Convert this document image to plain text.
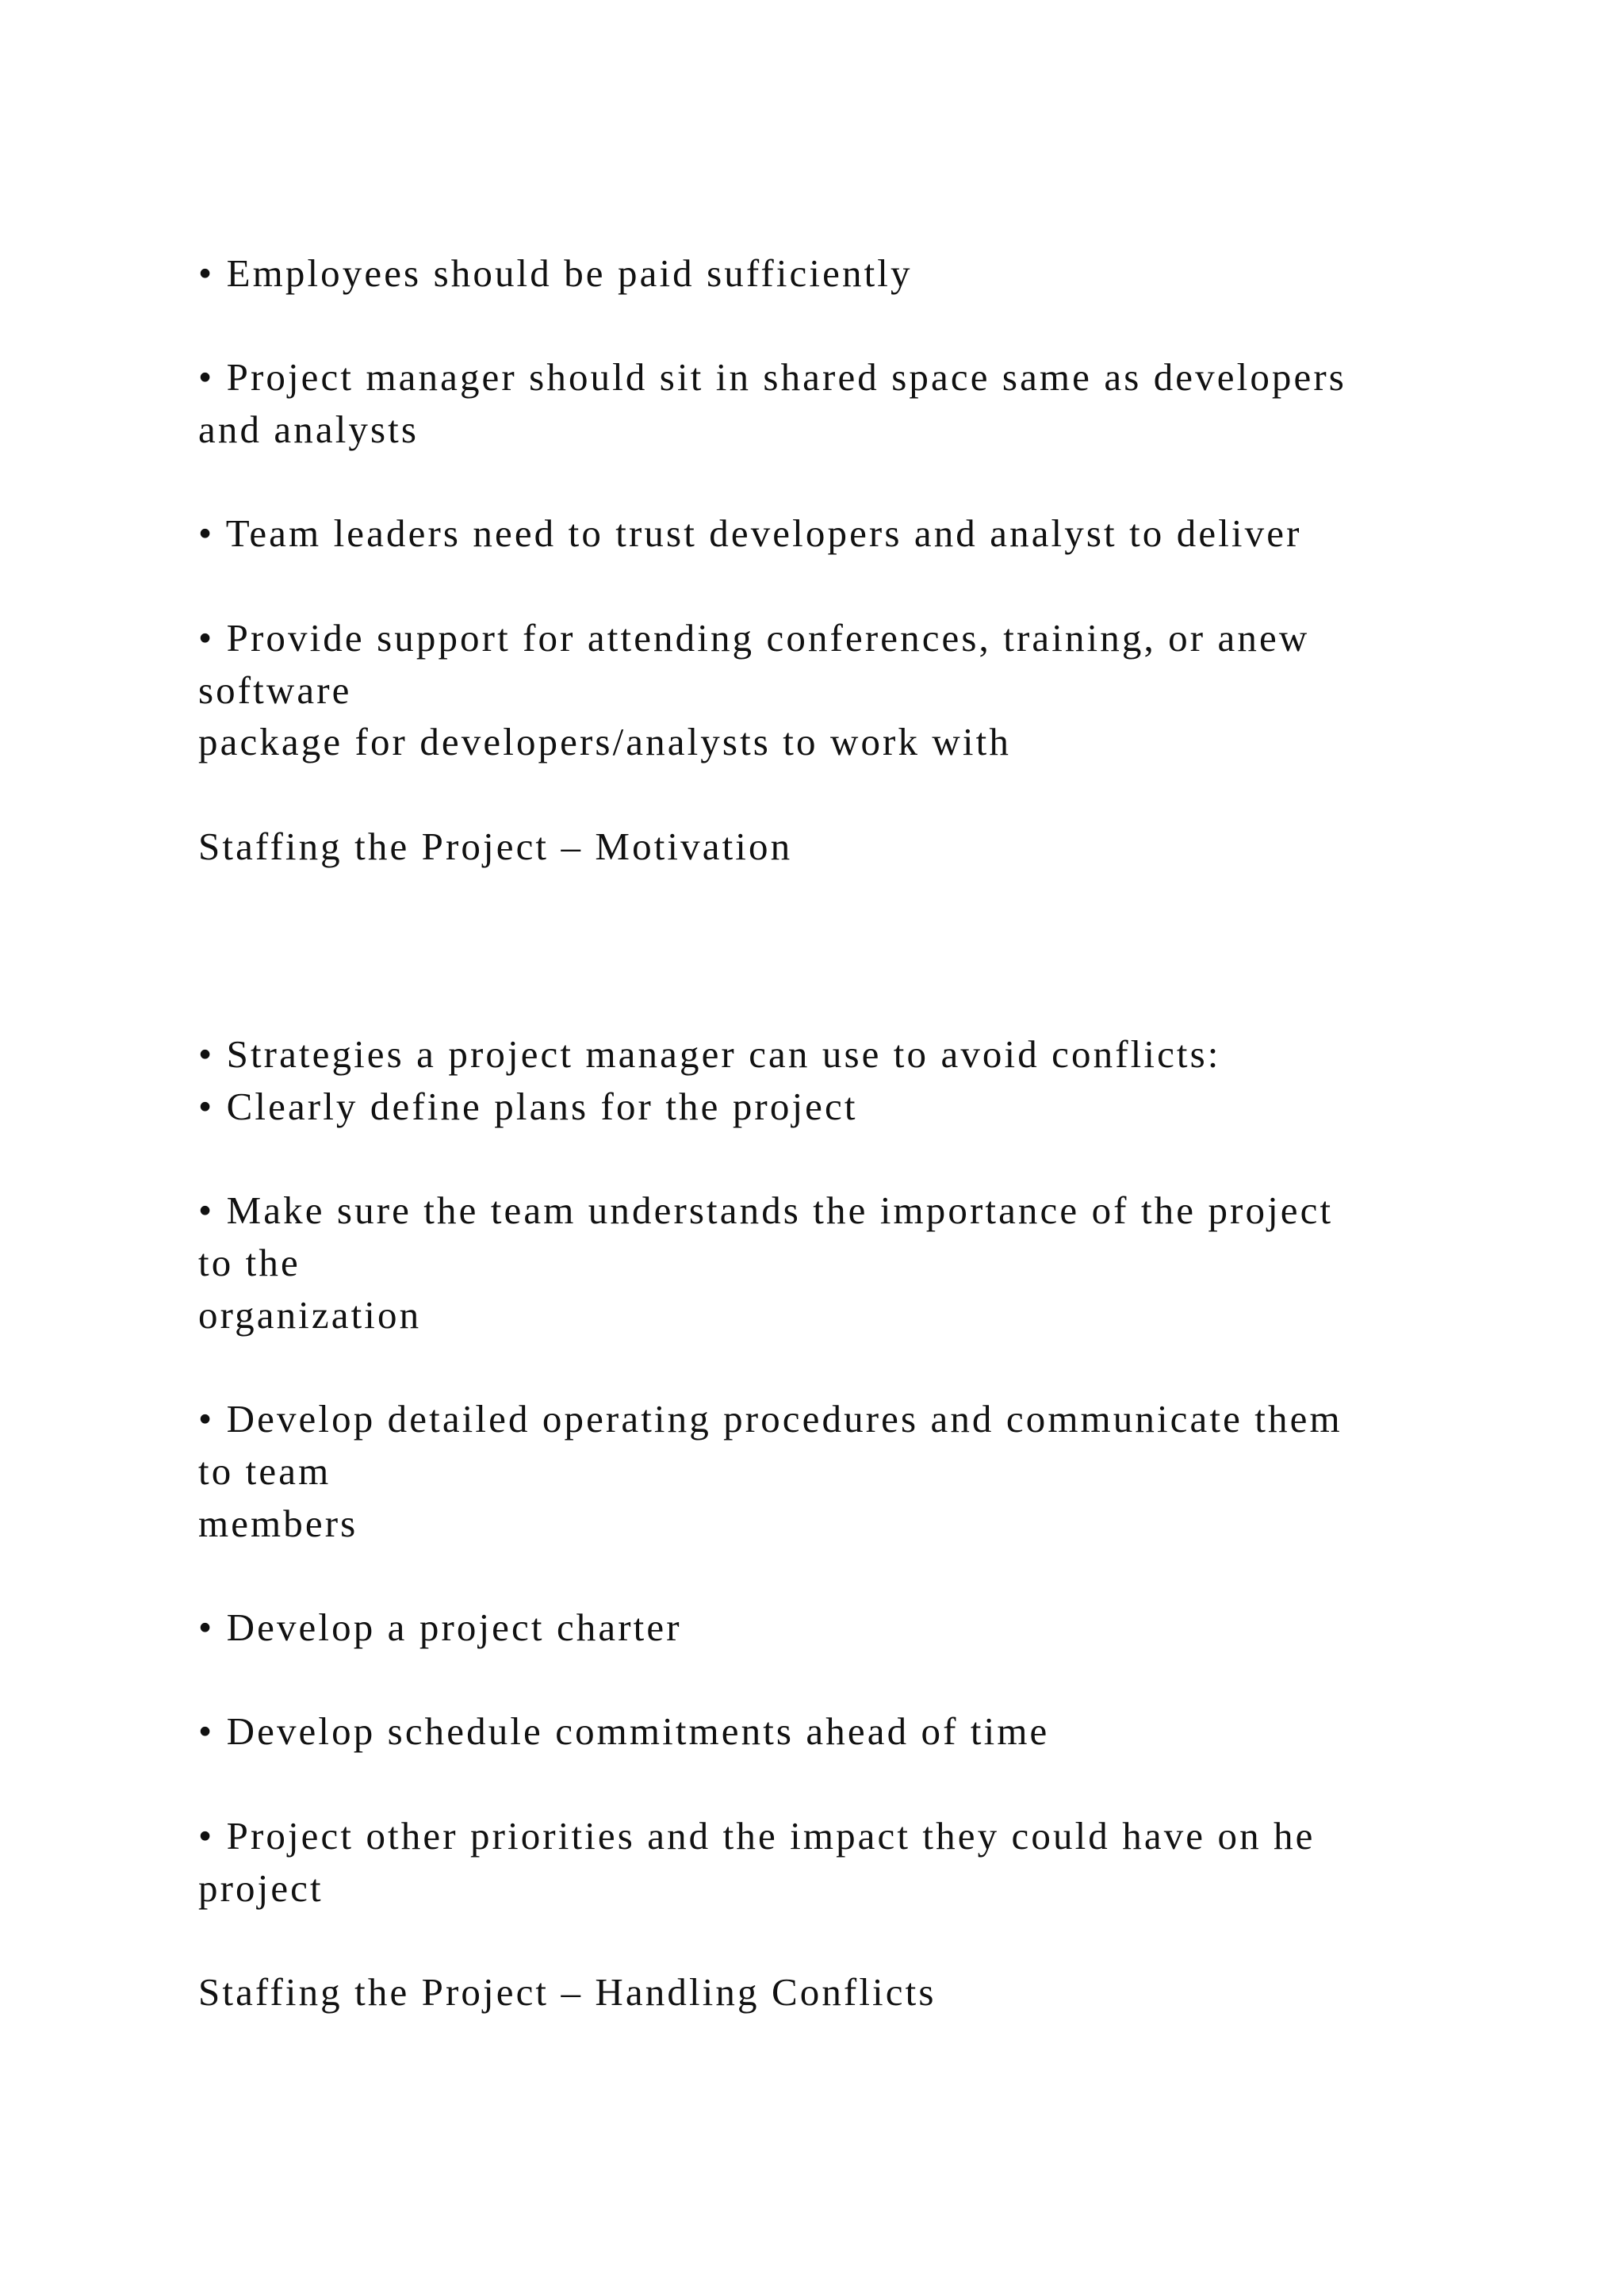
• Employees should be paid sufficiently

• Project manager should sit in shared space same as developers

and analysts

• Team leaders need to trust developers and analyst to deliver

• Provide support for attending conferences, training, or anew

software

package for developers/analysts to work with

Staffing the Project – Motivation

• Strategies a project manager can use to avoid conflicts:

• Clearly define plans for the project

• Make sure the team understands the importance of the project

to the

organization

• Develop detailed operating procedures and communicate them

to team

members

• Develop a project charter

• Develop schedule commitments ahead of time

• Project other priorities and the impact they could have on he

project

Staffing the Project – Handling Conflicts
